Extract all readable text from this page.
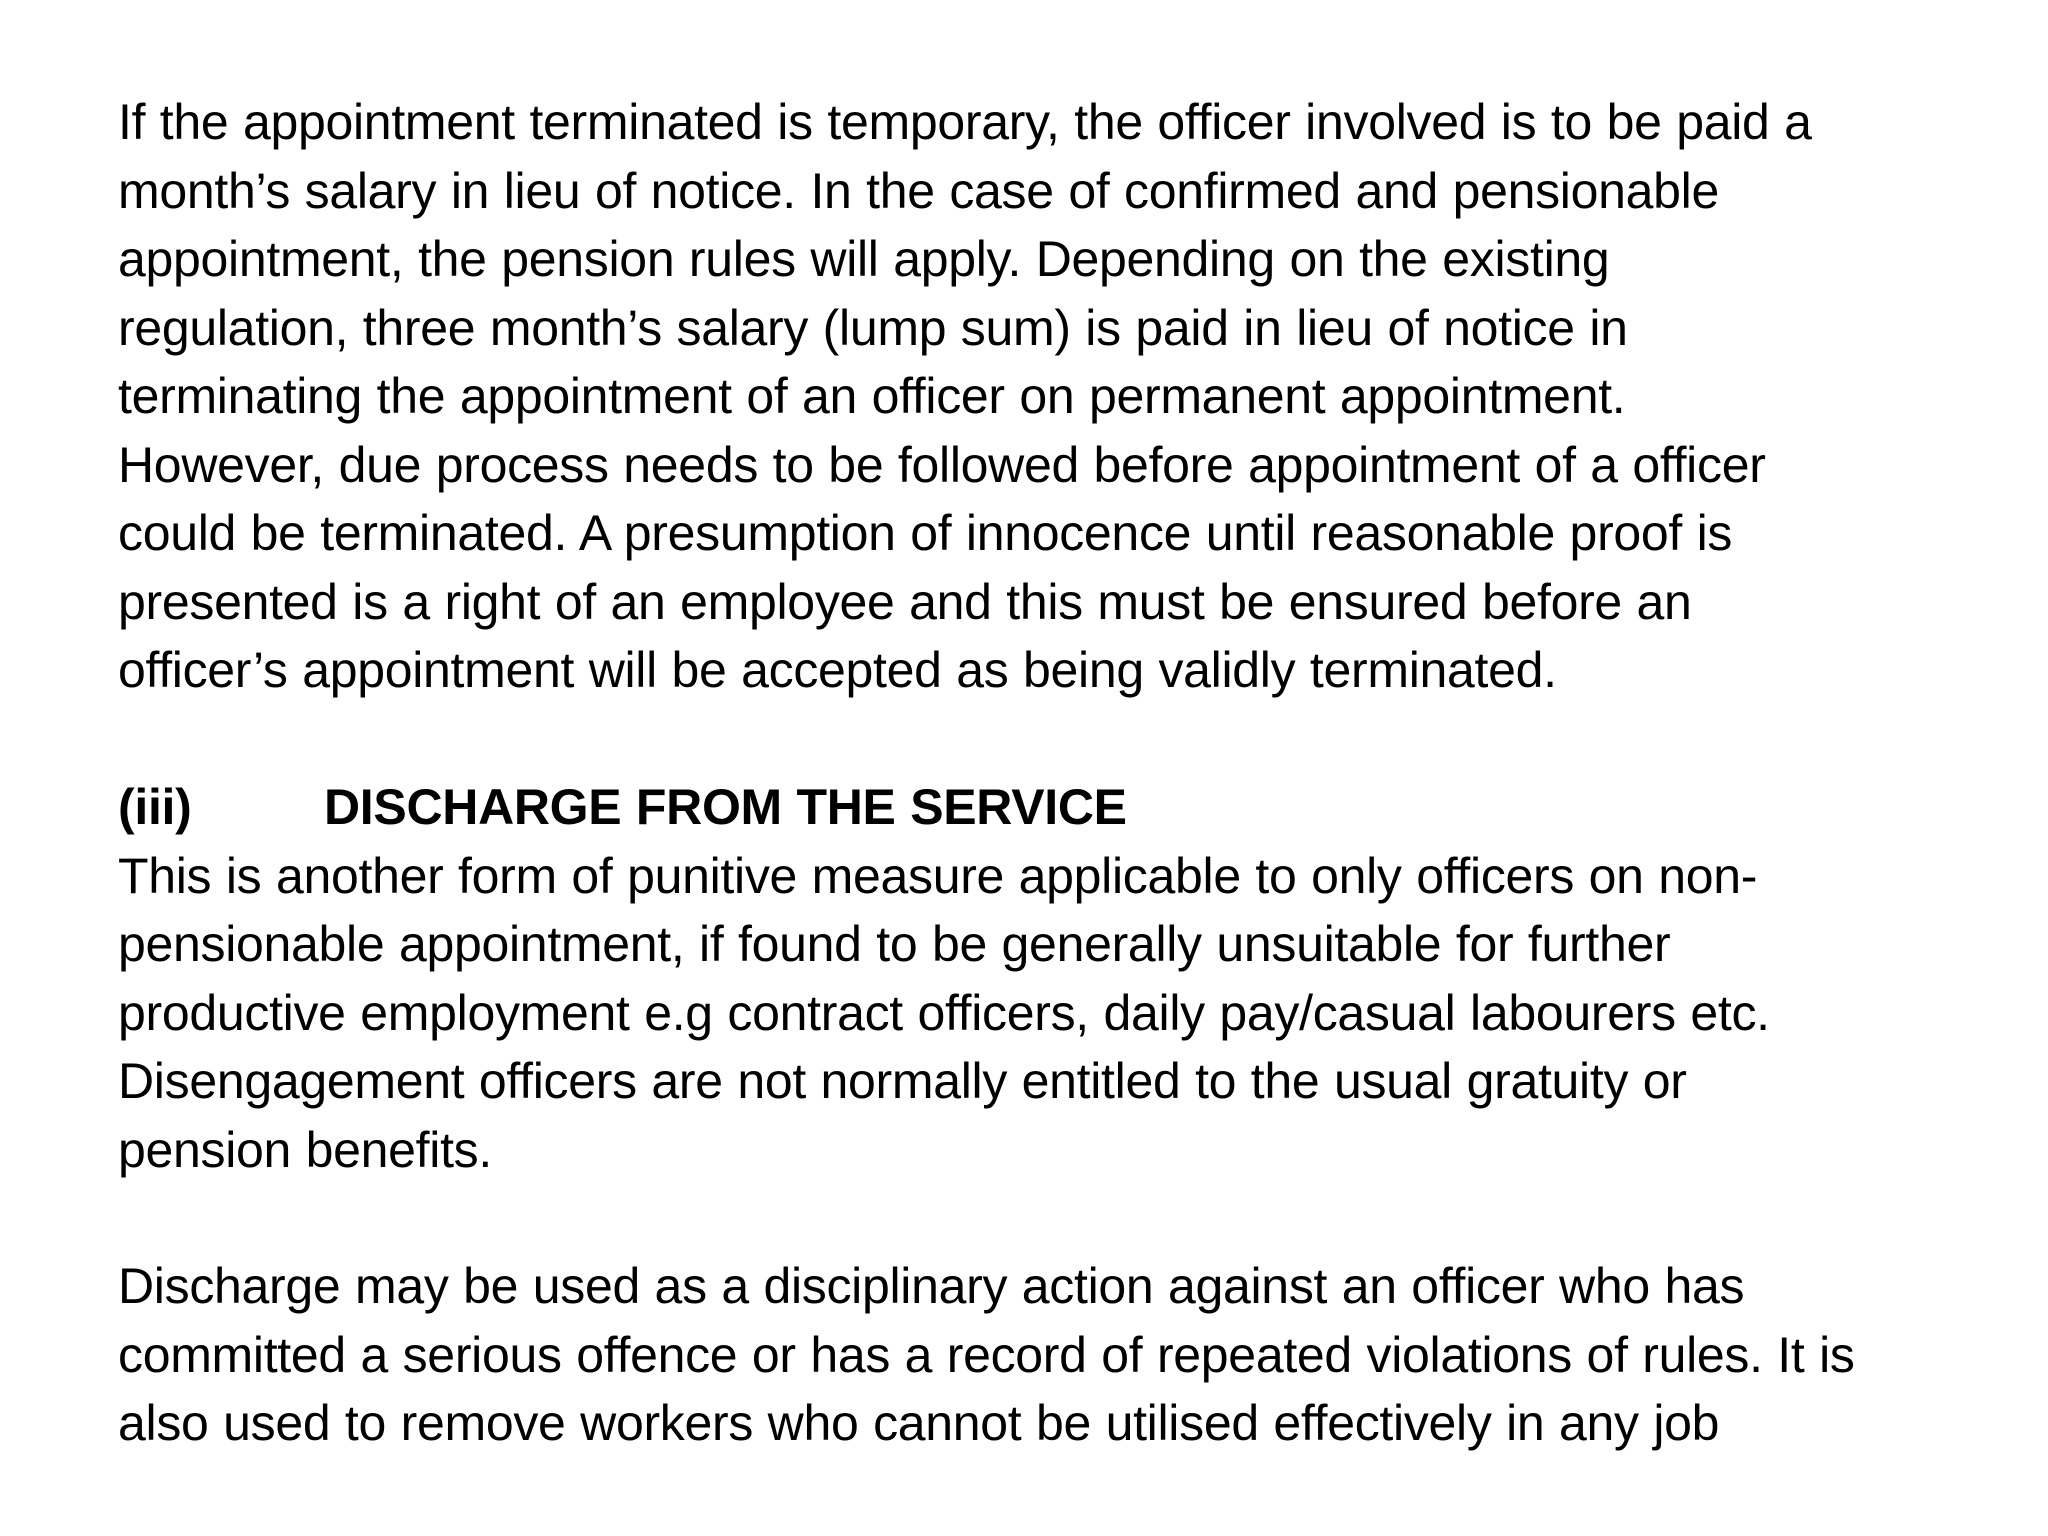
If the appointment terminated is temporary, the officer involved is to be paid a
month’s salary in lieu of notice. In the case of confirmed and pensionable
appointment, the pension rules will apply. Depending on the existing
regulation, three month’s salary (lump sum) is paid in lieu of notice in
terminating the appointment of an officer on permanent appointment.
However, due process needs to be followed before appointment of a officer
could be terminated. A presumption of innocence until reasonable proof is
presented is a right of an employee and this must be ensured before an
officer’s appointment will be accepted as being validly terminated.
(iii)	DISCHARGE FROM THE SERVICE
This is another form of punitive measure applicable to only officers on non-
pensionable appointment, if found to be generally unsuitable for further
productive employment e.g contract officers, daily pay/casual labourers etc.
Disengagement officers are not normally entitled to the usual gratuity or
pension benefits.
Discharge may be used as a disciplinary action against an officer who has
committed a serious offence or has a record of repeated violations of rules. It is
also used to remove workers who cannot be utilised effectively in any job
